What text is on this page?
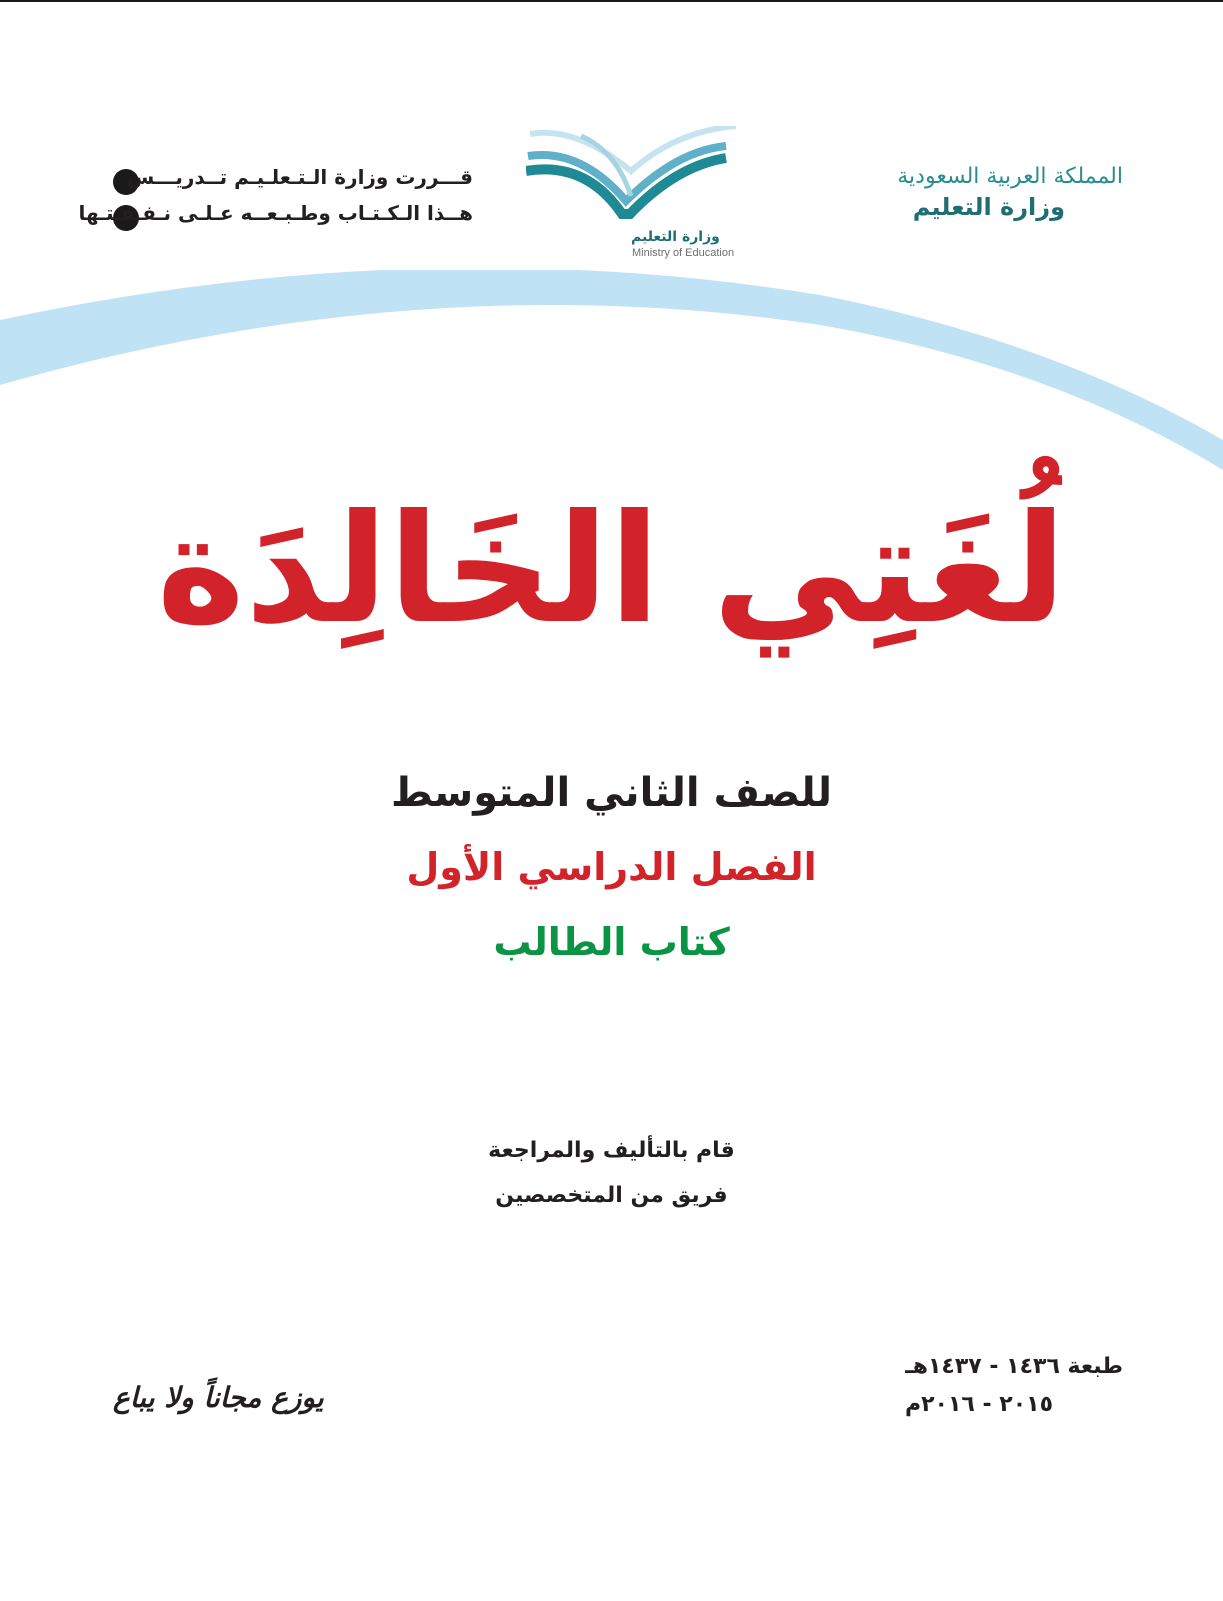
المملكة العربية السعودية
وزارة التعليم
وزارة التعليم
Ministry of Education
قـــررت وزارة الـتـعلـيـم تــدريـــس
هــذا الـكـتـاب وطـبـعــه عـلـى نـفـقـتـها
لُغَتِي الخَالِدَة
للصف الثاني المتوسط
الفصل الدراسي الأول
كتاب الطالب
قام بالتأليف والمراجعة
فريق من المتخصصين
طبعة ١٤٣٦ - ١٤٣٧هـ
٢٠١٥ - ٢٠١٦م
يوزع مجاناً ولا يباع
